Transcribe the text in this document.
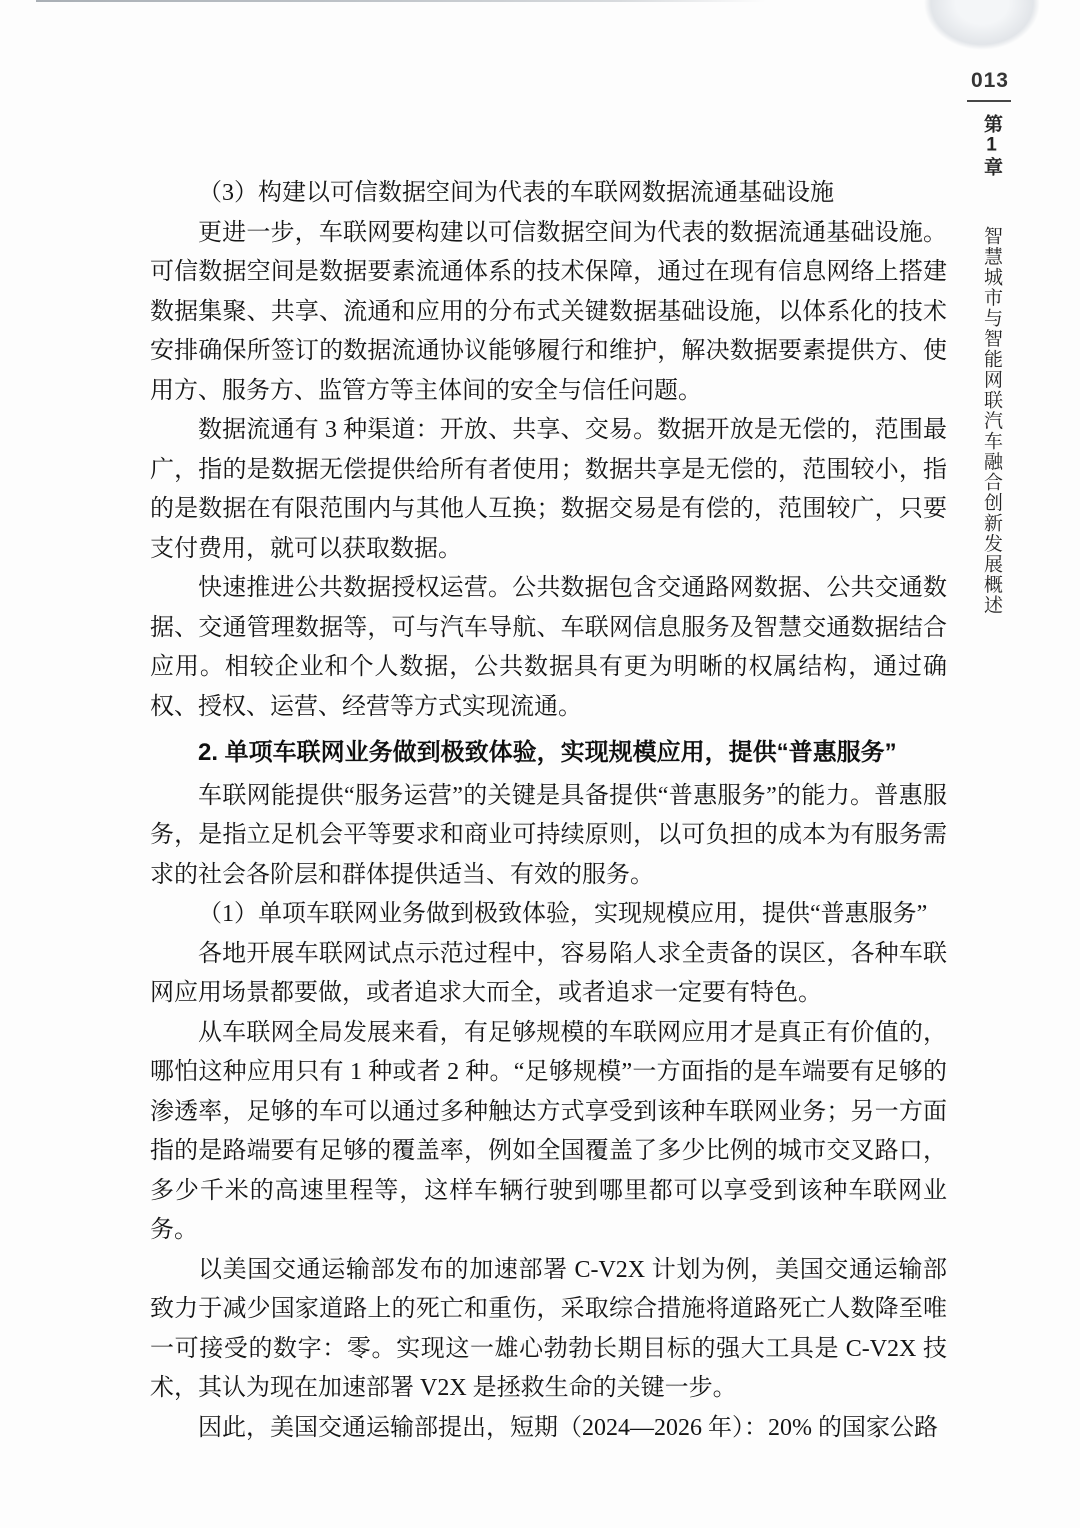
013
第1章 智慧城市与智能网联汽车融合创新发展概述

（3）构建以可信数据空间为代表的车联网数据流通基础设施

更进一步，车联网要构建以可信数据空间为代表的数据流通基础设施。可信数据空间是数据要素流通体系的技术保障，通过在现有信息网络上搭建数据集聚、共享、流通和应用的分布式关键数据基础设施，以体系化的技术安排确保所签订的数据流通协议能够履行和维护，解决数据要素提供方、使用方、服务方、监管方等主体间的安全与信任问题。

数据流通有 3 种渠道：开放、共享、交易。数据开放是无偿的，范围最广，指的是数据无偿提供给所有者使用；数据共享是无偿的，范围较小，指的是数据在有限范围内与其他人互换；数据交易是有偿的，范围较广，只要支付费用，就可以获取数据。

快速推进公共数据授权运营。公共数据包含交通路网数据、公共交通数据、交通管理数据等，可与汽车导航、车联网信息服务及智慧交通数据结合应用。相较企业和个人数据，公共数据具有更为明晰的权属结构，通过确权、授权、运营、经营等方式实现流通。

2. 单项车联网业务做到极致体验，实现规模应用，提供“普惠服务”

车联网能提供“服务运营”的关键是具备提供“普惠服务”的能力。普惠服务，是指立足机会平等要求和商业可持续原则，以可负担的成本为有服务需求的社会各阶层和群体提供适当、有效的服务。

（1）单项车联网业务做到极致体验，实现规模应用，提供“普惠服务”

各地开展车联网试点示范过程中，容易陷人求全责备的误区，各种车联网应用场景都要做，或者追求大而全，或者追求一定要有特色。

从车联网全局发展来看，有足够规模的车联网应用才是真正有价值的，哪怕这种应用只有 1 种或者 2 种。“足够规模”一方面指的是车端要有足够的渗透率，足够的车可以通过多种触达方式享受到该种车联网业务；另一方面指的是路端要有足够的覆盖率，例如全国覆盖了多少比例的城市交叉路口，多少千米的高速里程等，这样车辆行驶到哪里都可以享受到该种车联网业务。

以美国交通运输部发布的加速部署 C-V2X 计划为例，美国交通运输部致力于减少国家道路上的死亡和重伤，采取综合措施将道路死亡人数降至唯一可接受的数字：零。实现这一雄心勃勃长期目标的强大工具是 C-V2X 技术，其认为现在加速部署 V2X 是拯救生命的关键一步。

因此，美国交通运输部提出，短期（2024—2026 年）：20% 的国家公路
